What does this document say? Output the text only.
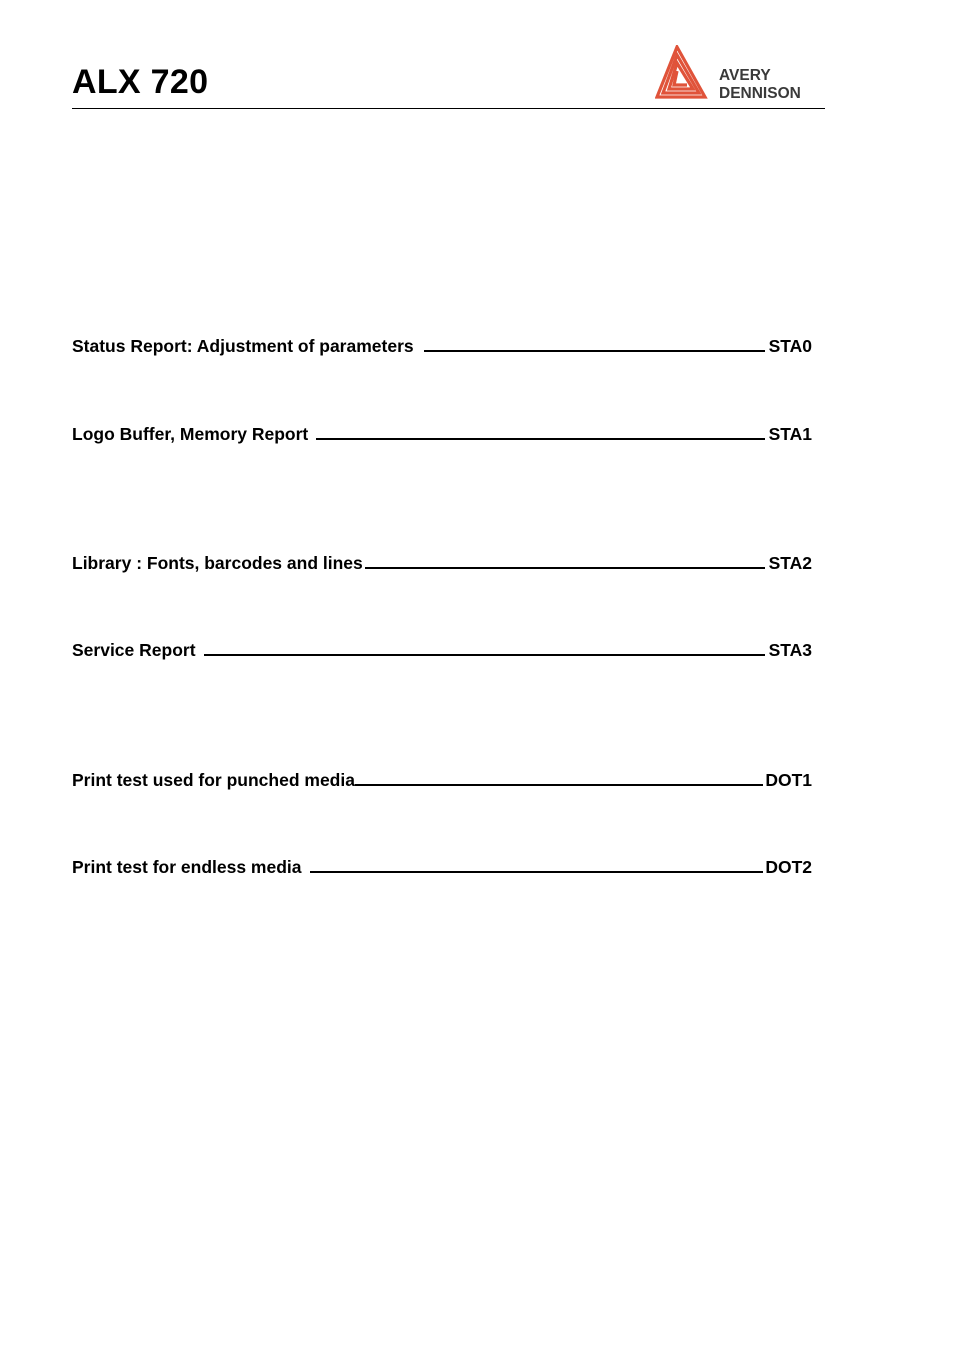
ALX 720	AVERY
DENNISON
Status Report: Adjustment of parameters	STA0
Logo Buffer, Memory Report	STA1
Library : Fonts, barcodes and lines	STA2
Service Report	STA3
Print test used for punched media	DOT1
Print test for endless media	DOT2
